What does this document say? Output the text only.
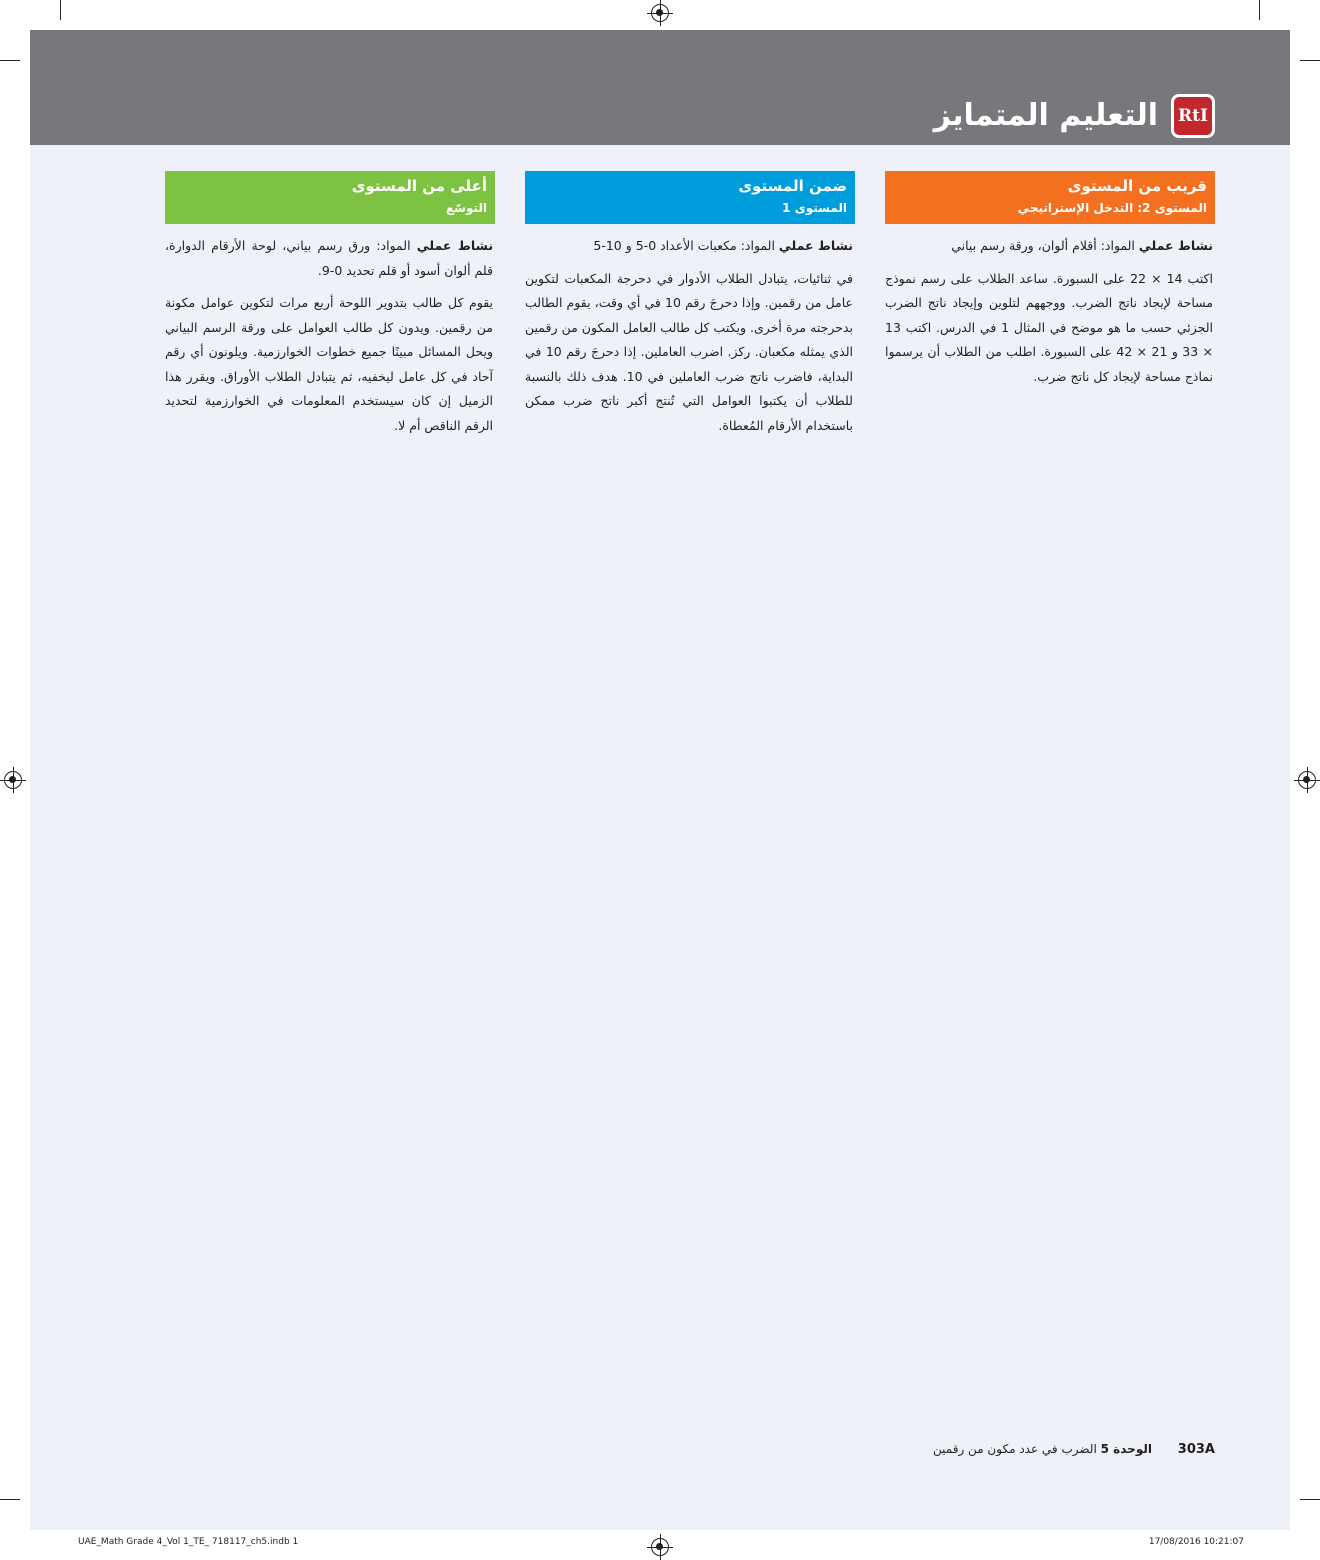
التعليم المتمايز	RtI
قريب من المستوى
المستوى 2: التدخل الإستراتيجي

نشاط عملي المواد: أقلام ألوان، ورقة رسم بياني

اكتب 14 × 22 على السبورة. ساعد الطلاب على رسم نموذج مساحة لإيجاد ناتج الضرب. ووجههم لتلوين وإيجاد ناتج الضرب الجزئي حسب ما هو موضح في المثال 1 في الدرس. اكتب 13 × 33 و 21 × 42 على السبورة. اطلب من الطلاب أن يرسموا نماذج مساحة لإيجاد كل ناتج ضرب.

ضمن المستوى
المستوى 1

نشاط عملي المواد: مكعبات الأعداد 0-5 و 10-5

في ثنائيات، يتبادل الطلاب الأدوار في دحرجة المكعبات لتكوين عامل من رقمين. وإذا دحرجَ رقم 10 في أي وقت، يقوم الطالب بدحرجته مرة أخرى. ويكتب كل طالب العامل المكون من رقمين الذي يمثله مكعبان. ركز. اضرب العاملين. إذا دحرجَ رقم 10 في البداية، فاضرب ناتج ضرب العاملين في 10. هدف ذلك بالنسبة للطلاب أن يكتبوا العوامل التي تُنتج أكبر ناتج ضرب ممكن باستخدام الأرقام المُعطاة.

أعلى من المستوى
التوسّع

نشاط عملي المواد: ورق رسم بياني، لوحة الأرقام الدوارة، قلم ألوان أسود أو قلم تحديد 0-9.

يقوم كل طالب بتدوير اللوحة أربع مرات لتكوين عوامل مكونة من رقمين. ويدون كل طالب العوامل على ورقة الرسم البياني ويحل المسائل مبينًا جميع خطوات الخوارزمية. ويلونون أي رقم آحاد في كل عامل ليخفيه، ثم يتبادل الطلاب الأوراق. ويقرر هذا الزميل إن كان سيستخدم المعلومات في الخوارزمية لتحديد الرقم الناقص أم لا.

303A الوحدة 5 الضرب في عدد مكون من رقمين
UAE_Math Grade 4_Vol 1_TE_ 718117_ch5.indb 1	17/08/2016 10:21:07
